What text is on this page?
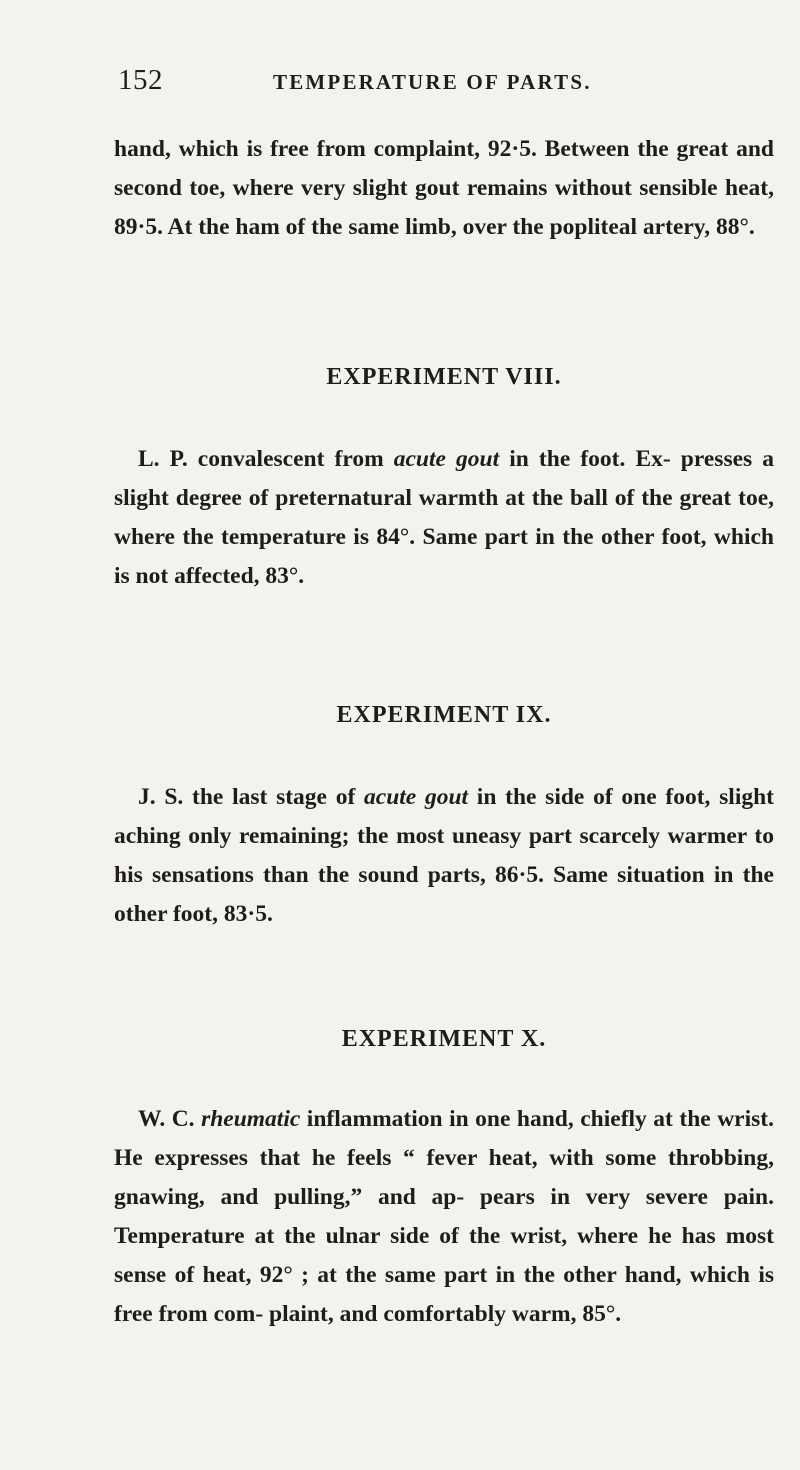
152	TEMPERATURE OF PARTS.

hand, which is free from complaint, 92·5. Between the great and second toe, where very slight gout remains without sensible heat, 89·5. At the ham of the same limb, over the popliteal artery, 88°.

EXPERIMENT VIII.

L. P. convalescent from acute gout in the foot. Ex- presses a slight degree of preternatural warmth at the ball of the great toe, where the temperature is 84°. Same part in the other foot, which is not affected, 83°.

EXPERIMENT IX.

J. S. the last stage of acute gout in the side of one foot, slight aching only remaining; the most uneasy part scarcely warmer to his sensations than the sound parts, 86·5. Same situation in the other foot, 83·5.

EXPERIMENT X.

W. C. rheumatic inflammation in one hand, chiefly at the wrist. He expresses that he feels “ fever heat, with some throbbing, gnawing, and pulling,” and ap- pears in very severe pain. Temperature at the ulnar side of the wrist, where he has most sense of heat, 92° ; at the same part in the other hand, which is free from com- plaint, and comfortably warm, 85°.
